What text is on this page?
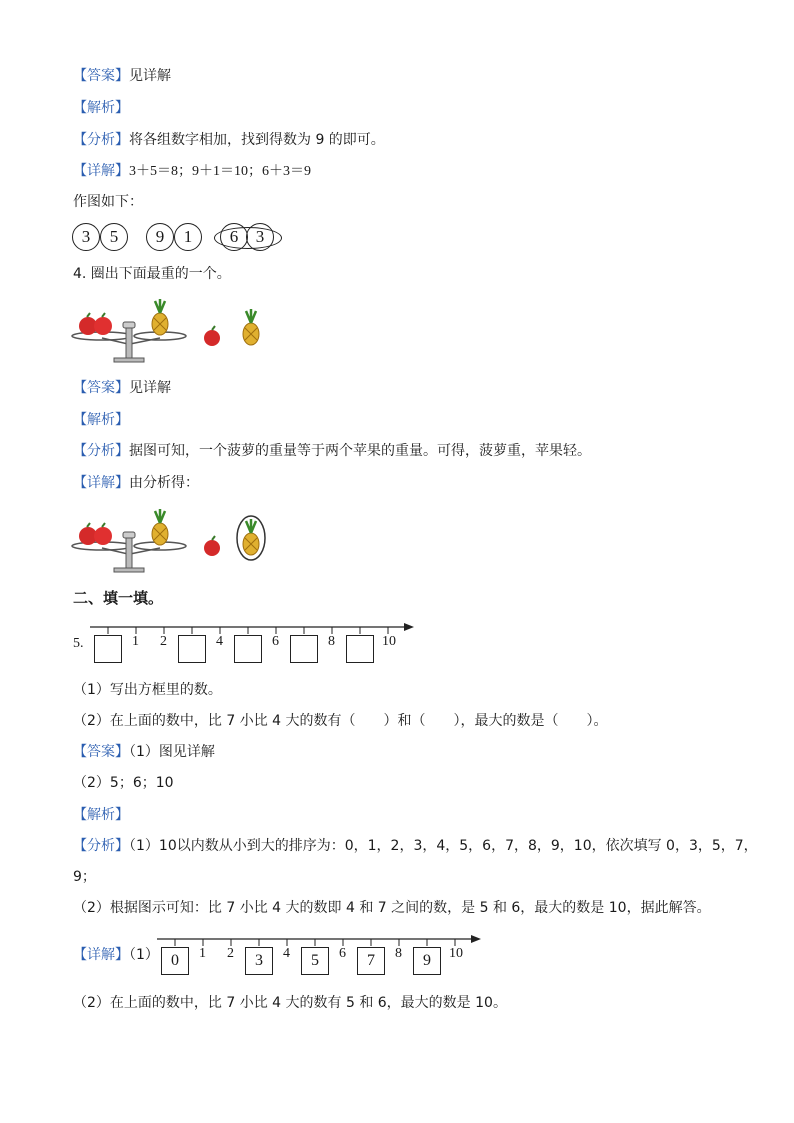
【答案】见详解
【解析】
【分析】将各组数字相加，找到得数为 9 的即可。
【详解】3＋5＝8；9＋1＝10；6＋3＝9
作图如下：
3	5	9	1	6	3
4. 圈出下面最重的一个。
【答案】见详解
【解析】
【分析】据图可知，一个菠萝的重量等于两个苹果的重量。可得，菠萝重，苹果轻。
【详解】由分析得：
二、填一填。
5.	1 2	4	6	8	10
（1）写出方框里的数。
（2）在上面的数中，比 7 小比 4 大的数有（　　）和（　　），最大的数是（　　）。
【答案】（1）图见详解
（2）5；6；10
【解析】
【分析】（1）10以内数从小到大的排序为：0，1，2，3，4，5，6，7，8，9，10，依次填写 0，3，5，7，
9；
（2）根据图示可知：比 7 小比 4 大的数即 4 和 7 之间的数，是 5 和 6，最大的数是 10，据此解答。
【详解】（1） 0	1 2	3	4	5	6	7	8	9	10
（2）在上面的数中，比 7 小比 4 大的数有 5 和 6，最大的数是 10。
